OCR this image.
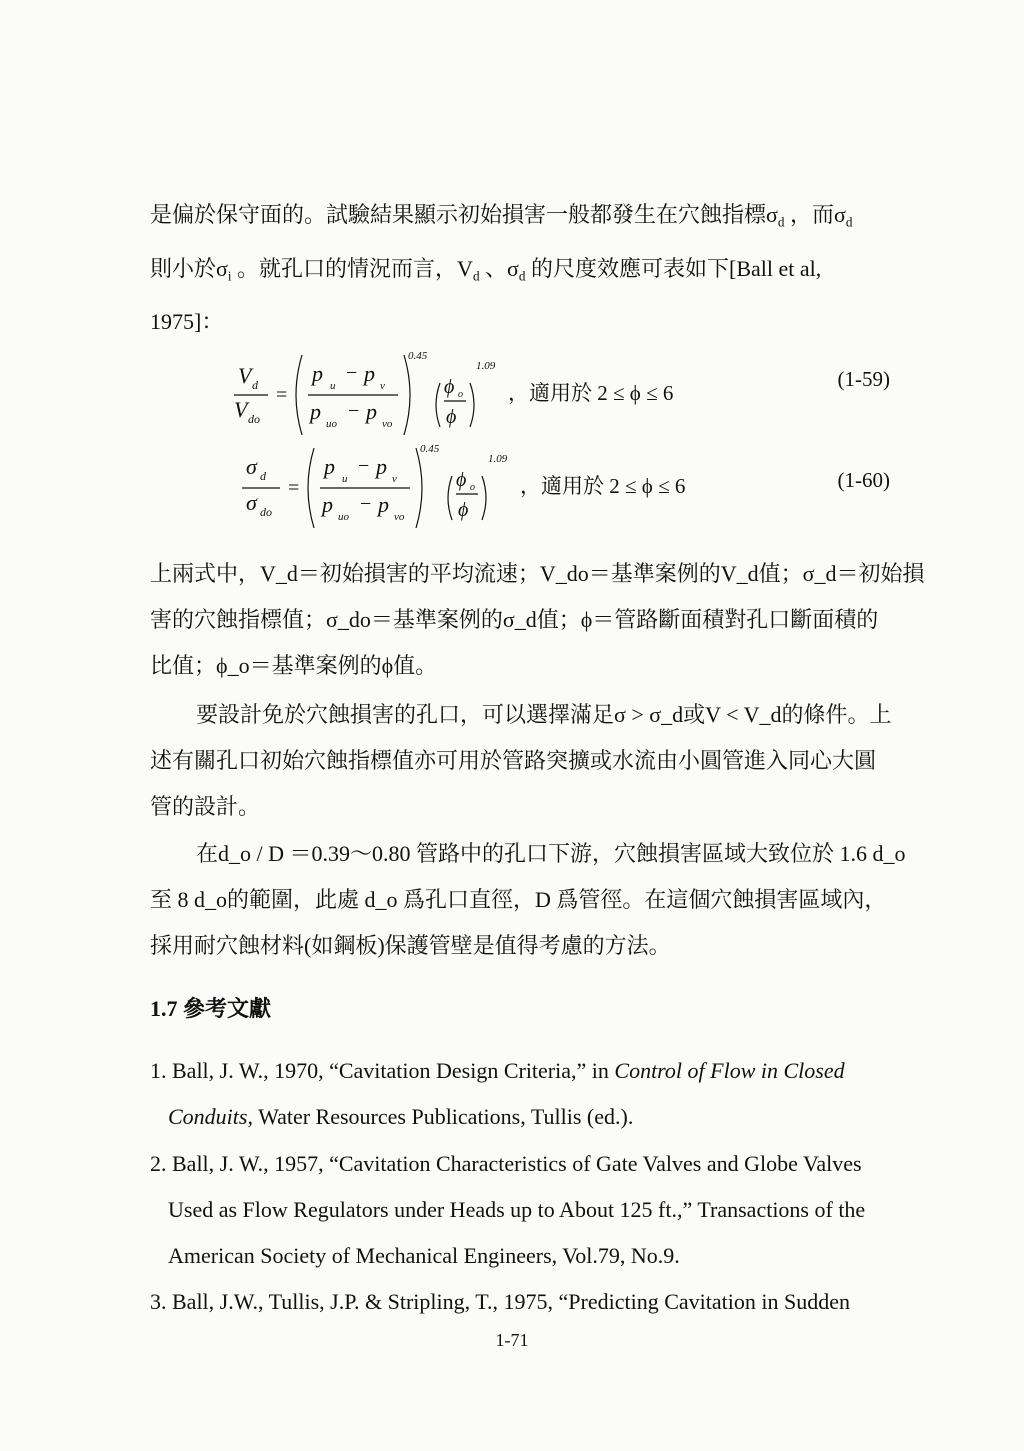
是偏於保守面的。試驗結果顯示初始損害一般都發生在穴蝕指標$\sigma_d$ ，而$\sigma_d$
則小於$\sigma_i$ 。就孔口的情況而言，$V_d$ 、$\sigma_d$ 的尺度效應可表如下[Ball et al,
1975]：
V d
V do
=
p u
− p v
p uo
− p vo
0.45
ϕ o
ϕ
1.09
，適用於 2 ≤ ϕ ≤ 6
(1-59)
σ d
σ do
=
p u
− p v
p uo
− p vo
0.45
ϕ o
ϕ
1.09
，適用於 2 ≤ ϕ ≤ 6	(1-60)
上兩式中，V_d＝初始損害的平均流速；V_do＝基準案例的V_d值；σ_d＝初始損
害的穴蝕指標值；σ_do＝基準案例的σ_d值；ϕ＝管路斷面積對孔口斷面積的
比值；ϕ_o＝基準案例的ϕ值。
要設計免於穴蝕損害的孔口，可以選擇滿足σ > σ_d或V < V_d的條件。上
述有關孔口初始穴蝕指標值亦可用於管路突擴或水流由小圓管進入同心大圓
管的設計。
在d_o / D ＝0.39～0.80 管路中的孔口下游，穴蝕損害區域大致位於 1.6 d_o
至 8 d_o的範圍，此處 d_o 爲孔口直徑，D 爲管徑。在這個穴蝕損害區域內，
採用耐穴蝕材料(如鋼板)保護管壁是值得考慮的方法。
1.7 參考文獻
1. Ball, J. W., 1970, “Cavitation Design Criteria,” in Control of Flow in Closed
Conduits, Water Resources Publications, Tullis (ed.).
2. Ball, J. W., 1957, “Cavitation Characteristics of Gate Valves and Globe Valves
Used as Flow Regulators under Heads up to About 125 ft.,” Transactions of the
American Society of Mechanical Engineers, Vol.79, No.9.
3. Ball, J.W., Tullis, J.P. & Stripling, T., 1975, “Predicting Cavitation in Sudden
1-71
